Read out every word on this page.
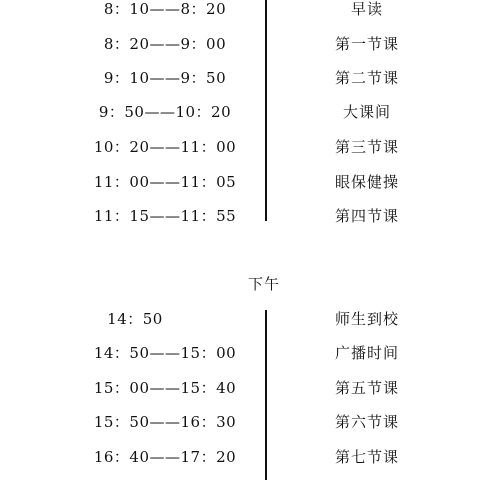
8：10——8：20	早读
8：20——9：00	第一节课
9：10——9：50	第二节课
9：50——10：20	大课间
10：20——11：00	第三节课
11：00——11：05	眼保健操
11：15——11：55	第四节课
下午
14：50	师生到校
14：50——15：00	广播时间
15：00——15：40	第五节课
15：50——16：30	第六节课
16：40——17：20	第七节课
